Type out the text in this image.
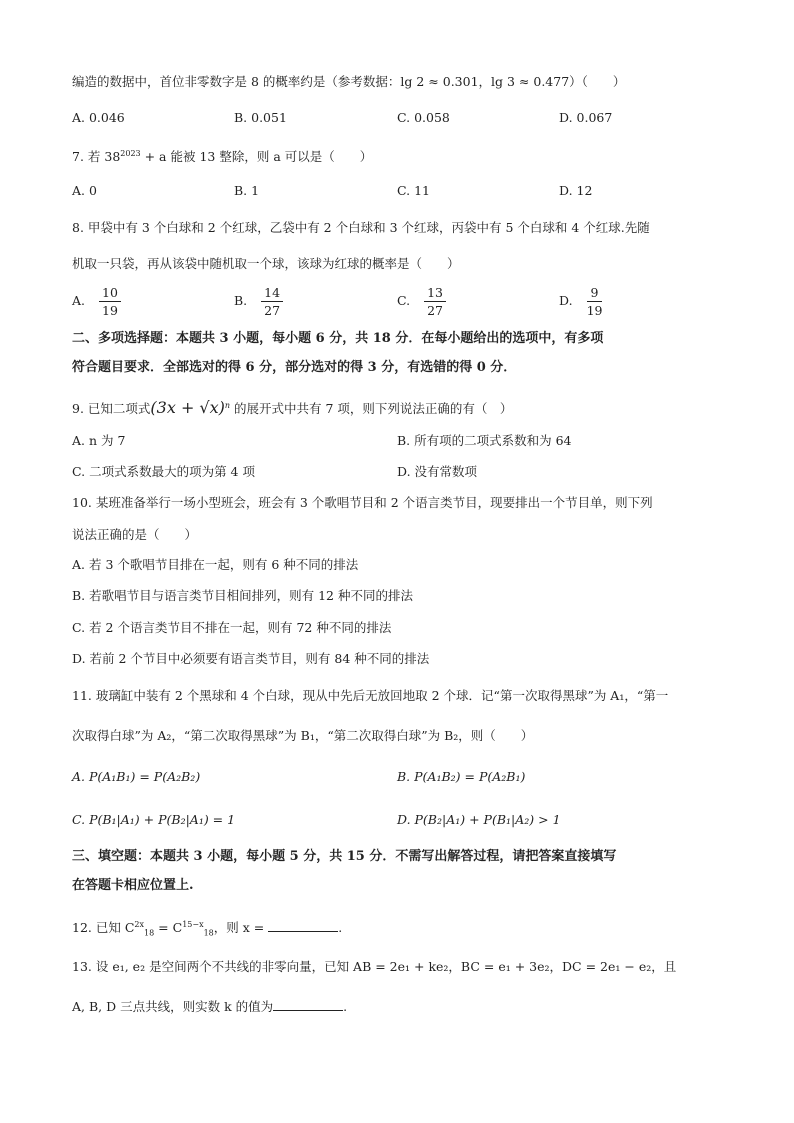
编造的数据中，首位非零数字是 8 的概率约是（参考数据：lg 2 ≈ 0.301，lg 3 ≈ 0.477）（　　）
A. 0.046	B. 0.051	C. 0.058	D. 0.067
7. 若 $38^{2023} + a$ 能被 13 整除，则 a 可以是（　　）
A. 0	B. 1	C. 11	D. 12
8. 甲袋中有 3 个白球和 2 个红球，乙袋中有 2 个白球和 3 个红球，丙袋中有 5 个白球和 4 个红球.先随
机取一只袋，再从该袋中随机取一个球，该球为红球的概率是（　　）
A. $\frac{10}{19}$	B. $\frac{14}{27}$	C. $\frac{13}{27}$	D. $\frac{9}{19}$
二、多项选择题：本题共 3 小题，每小题 6 分，共 18 分．在每小题给出的选项中，有多项
符合题目要求．全部选对的得 6 分，部分选对的得 3 分，有选错的得 0 分．
9. 已知二项式$(3x + √x)^n$ 的展开式中共有 7 项，则下列说法正确的有（　）
A. n 为 7	B. 所有项的二项式系数和为 64
C. 二项式系数最大的项为第 4 项	D. 没有常数项
10. 某班准备举行一场小型班会，班会有 3 个歌唱节目和 2 个语言类节目，现要排出一个节目单，则下列
说法正确的是（　　）
A. 若 3 个歌唱节目排在一起，则有 6 种不同的排法
B. 若歌唱节目与语言类节目相间排列，则有 12 种不同的排法
C. 若 2 个语言类节目不排在一起，则有 72 种不同的排法
D. 若前 2 个节目中必须要有语言类节目，则有 84 种不同的排法
11. 玻璃缸中装有 2 个黑球和 4 个白球，现从中先后无放回地取 2 个球．记“第一次取得黑球”为 A₁，“第一
次取得白球”为 A₂，“第二次取得黑球”为 B₁，“第二次取得白球”为 B₂，则（　　）
A. P(A₁B₁) = P(A₂B₂)	B. P(A₁B₂) = P(A₂B₁)
C. P(B₁|A₁) + P(B₂|A₁) = 1	D. P(B₂|A₁) + P(B₁|A₂) > 1
三、填空题：本题共 3 小题，每小题 5 分，共 15 分．不需写出解答过程，请把答案直接填写
在答题卡相应位置上.
12. 已知 $C^{2x}_{18} = C^{15-x}_{18}$，则 x =	.
13. 设 e₁, e₂ 是空间两个不共线的非零向量，已知 AB = 2e₁ + ke₂，BC = e₁ + 3e₂，DC = 2e₁ − e₂，且
A, B, D 三点共线，则实数 k 的值为	.
